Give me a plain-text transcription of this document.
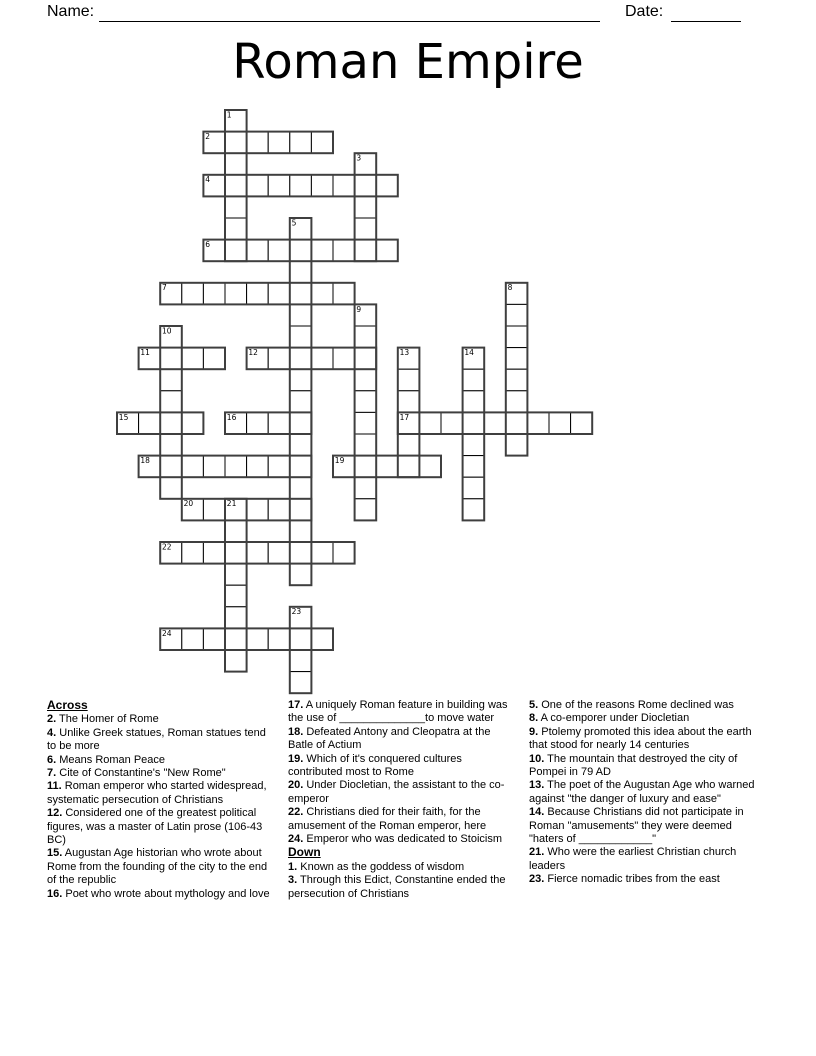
Name:	Date:
Roman Empire
1
2
3
4
5
6
7	8
9
10
11	12	13	14
15	16	17
18	19
20	21
22
23
24
Across
2. The Homer of Rome
4. Unlike Greek statues, Roman statues tend to be more
6. Means Roman Peace
7. Cite of Constantine's "New Rome"
11. Roman emperor who started widespread, systematic persecution of Christians
12. Considered one of the greatest political figures, was a master of Latin prose (106-43 BC)
15. Augustan Age historian who wrote about Rome from the founding of the city to the end of the republic
16. Poet who wrote about mythology and love
17. A uniquely Roman feature in building was the use of ______________to move water
18. Defeated Antony and Cleopatra at the Batle of Actium
19. Which of it's conquered cultures contributed most to Rome
20. Under Diocletian, the assistant to the co-emperor
22. Christians died for their faith, for the amusement of the Roman emperor, here
24. Emperor who was dedicated to Stoicism
Down
1. Known as the goddess of wisdom
3. Through this Edict, Constantine ended the persecution of Christians
5. One of the reasons Rome declined was
8. A co-emporer under Diocletian
9. Ptolemy promoted this idea about the earth that stood for nearly 14 centuries
10. The mountain that destroyed the city of Pompei in 79 AD
13. The poet of the Augustan Age who warned against "the danger of luxury and ease"
14. Because Christians did not participate in Roman "amusements" they were deemed "haters of ____________"
21. Who were the earliest Christian church leaders
23. Fierce nomadic tribes from the east
